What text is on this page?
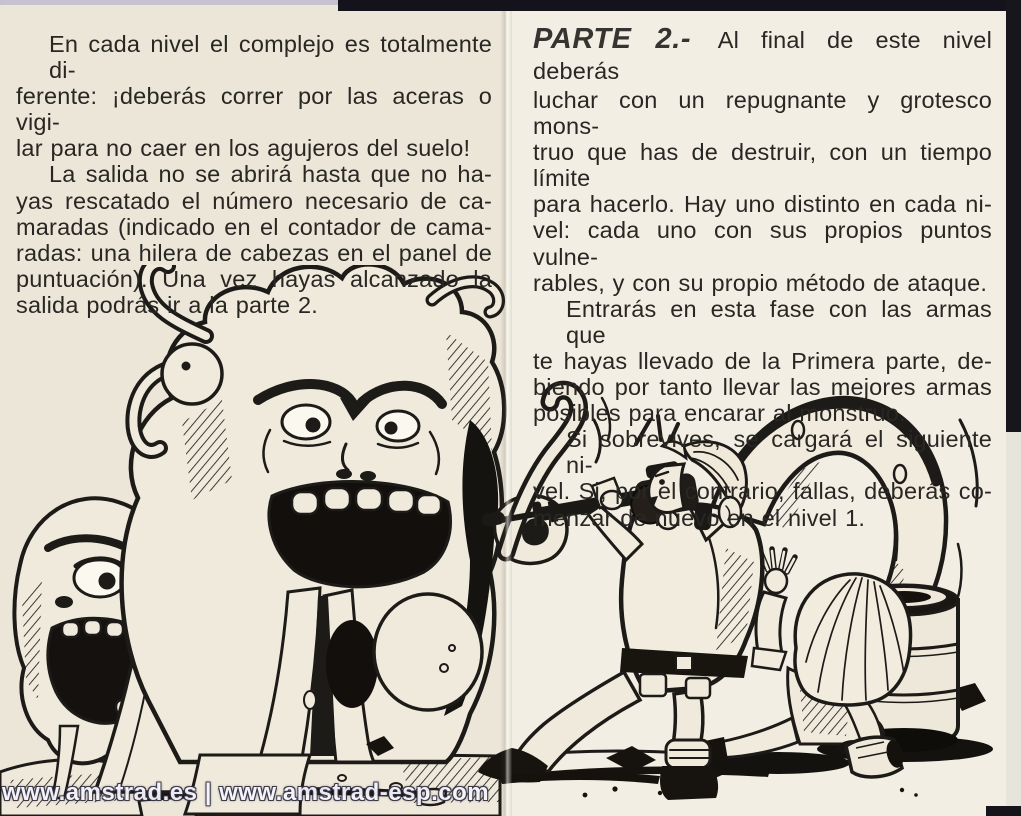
En cada nivel el complejo es totalmente di-
ferente: ¡deberás correr por las aceras o vigi-
lar para no caer en los agujeros del suelo!
La salida no se abrirá hasta que no ha-
yas rescatado el número necesario de ca-
maradas (indicado en el contador de cama-
radas: una hilera de cabezas en el panel de
puntuación). Una vez hayas alcanzado la
salida podrás ir a la parte 2.
PARTE 2.- Al final de este nivel deberás
luchar con un repugnante y grotesco mons-
truo que has de destruir, con un tiempo límite
para hacerlo. Hay uno distinto en cada ni-
vel: cada uno con sus propios puntos vulne-
rables, y con su propio método de ataque.
Entrarás en esta fase con las armas que
te hayas llevado de la Primera parte, de-
biendo por tanto llevar las mejores armas
posibles para encarar al monstruo.
Si sobrevives, se cargará el siguiente ni-
vel. Si, por el contrario, fallas, deberás co-
menzar de nuevo en el nivel 1.
www.amstrad.es | www.amstrad-esp.com
